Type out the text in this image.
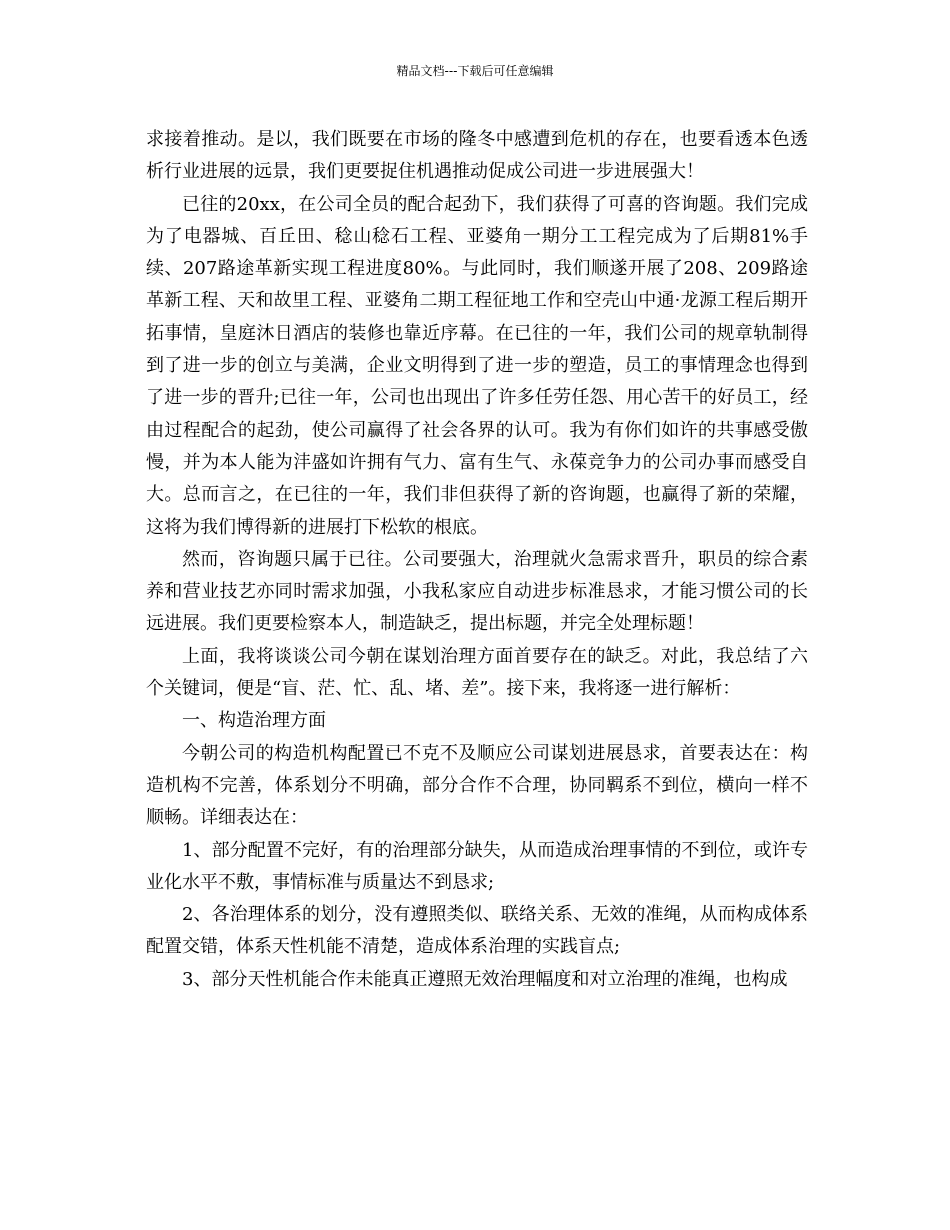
精品文档---下载后可任意编辑

求接着推动。是以，我们既要在市场的隆冬中感遭到危机的存在，也要看透本色透析行业进展的远景，我们更要捉住机遇推动促成公司进一步进展强大！

已往的20xx，在公司全员的配合起劲下，我们获得了可喜的咨询题。我们完成为了电器城、百丘田、稔山稔石工程、亚婆角一期分工工程完成为了后期81%手续、207路途革新实现工程进度80%。与此同时，我们顺遂开展了208、209路途革新工程、天和故里工程、亚婆角二期工程征地工作和空壳山中通·龙源工程后期开拓事情，皇庭沐日酒店的装修也靠近序幕。在已往的一年，我们公司的规章轨制得到了进一步的创立与美满，企业文明得到了进一步的塑造，员工的事情理念也得到了进一步的晋升;已往一年，公司也出现出了许多任劳任怨、用心苦干的好员工，经由过程配合的起劲，使公司赢得了社会各界的认可。我为有你们如许的共事感受傲慢，并为本人能为沣盛如许拥有气力、富有生气、永葆竞争力的公司办事而感受自大。总而言之，在已往的一年，我们非但获得了新的咨询题，也赢得了新的荣耀，这将为我们博得新的进展打下松软的根底。

然而，咨询题只属于已往。公司要强大，治理就火急需求晋升，职员的综合素养和营业技艺亦同时需求加强，小我私家应自动进步标准恳求，才能习惯公司的长远进展。我们更要检察本人，制造缺乏，提出标题，并完全处理标题！

上面，我将谈谈公司今朝在谋划治理方面首要存在的缺乏。对此，我总结了六个关键词，便是“盲、茫、忙、乱、堵、差”。接下来，我将逐一进行解析：

一、构造治理方面

今朝公司的构造机构配置已不克不及顺应公司谋划进展恳求，首要表达在：构造机构不完善，体系划分不明确，部分合作不合理，协同羁系不到位，横向一样不顺畅。详细表达在：

1、部分配置不完好，有的治理部分缺失，从而造成治理事情的不到位，或许专业化水平不敷，事情标准与质量达不到恳求;

2、各治理体系的划分，没有遵照类似、联络关系、无效的准绳，从而构成体系配置交错，体系天性机能不清楚，造成体系治理的实践盲点;

3、部分天性机能合作未能真正遵照无效治理幅度和对立治理的准绳，也构成
